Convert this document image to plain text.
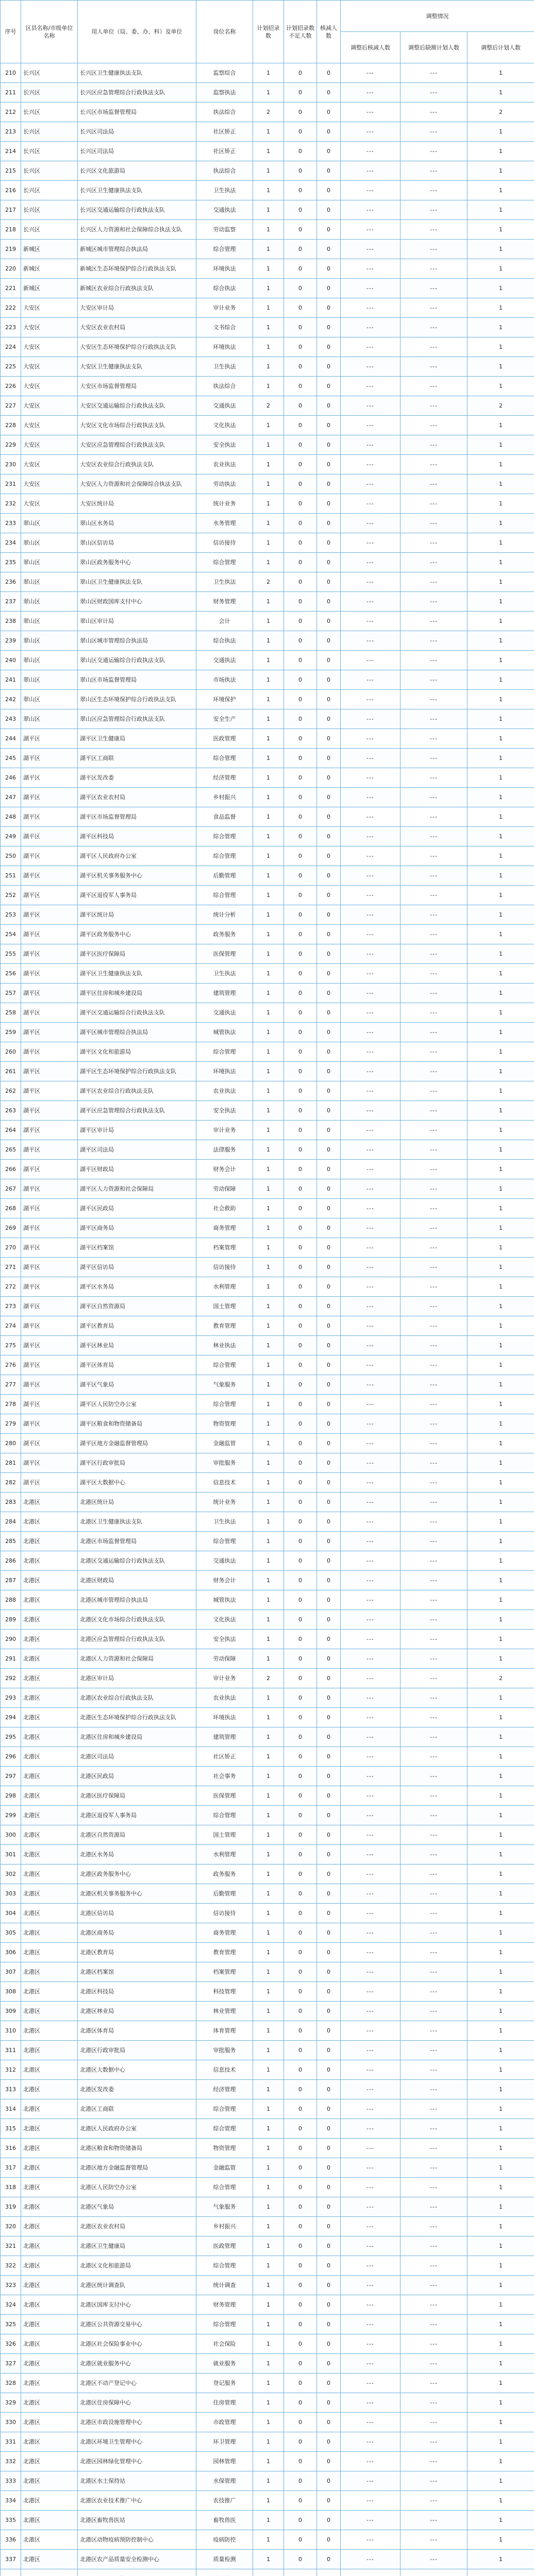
序号	区县名称/市级单位名称	用人单位（局、委、办、科）及单位	岗位名称	计划招录数	计划招录数不足人数	核减人数	调整情况		
							调整后核减人数	调整后缺额计划人数	调整后计划人数
210	长兴区	长兴区卫生健康执法支队	监察综合	1	0	0	---	---	1
211	长兴区	长兴区应急管理综合行政执法支队	监察执法	1	0	0	---	---	1
212	长兴区	长兴区市场监督管理局	执法综合	2	0	0	---	---	2
213	长兴区	长兴区司法局	社区矫正	1	0	0	---	---	1
214	长兴区	长兴区司法局	社区矫正	1	0	0	---	---	1
215	长兴区	长兴区文化旅游局	执法综合	1	0	0	---	---	1
216	长兴区	长兴区卫生健康执法支队	卫生执法	1	0	0	---	---	1
217	长兴区	长兴区交通运输综合行政执法支队	交通执法	1	0	0	---	---	1
218	长兴区	长兴区人力资源和社会保障综合执法支队	劳动监察	1	0	0	---	---	1
219	新城区	新城区城市管理综合执法局	综合管理	1	0	0	---	---	1
220	新城区	新城区生态环境保护综合行政执法支队	环境执法	1	0	0	---	---	1
221	新城区	新城区农业综合行政执法支队	综合执法	1	0	0	---	---	1
222	大安区	大安区审计局	审计业务	1	0	0	---	---	1
223	大安区	大安区农业农村局	文书综合	1	0	0	---	---	1
224	大安区	大安区生态环境保护综合行政执法支队	环境执法	1	0	0	---	---	1
225	大安区	大安区卫生健康执法支队	卫生执法	1	0	0	---	---	1
226	大安区	大安区市场监督管理局	执法综合	1	0	0	---	---	1
227	大安区	大安区交通运输综合行政执法支队	交通执法	2	0	0	---	---	2
228	大安区	大安区文化市场综合行政执法支队	文化执法	1	0	0	---	---	1
229	大安区	大安区应急管理综合行政执法支队	安全执法	1	0	0	---	---	1
230	大安区	大安区农业综合行政执法支队	农业执法	1	0	0	---	---	1
231	大安区	大安区人力资源和社会保障综合执法支队	劳动执法	1	0	0	---	---	1
232	大安区	大安区统计局	统计业务	1	0	0	---	---	1
233	翠山区	翠山区水务局	水务管理	1	0	0	---	---	1
234	翠山区	翠山区信访局	信访接待	1	0	0	---	---	1
235	翠山区	翠山区政务服务中心	综合管理	1	0	0	---	---	1
236	翠山区	翠山区卫生健康执法支队	卫生执法	2	0	0	---	---	1
237	翠山区	翠山区财政国库支付中心	财务管理	1	0	0	---	---	1
238	翠山区	翠山区审计局	会计	1	0	0	---	---	1
239	翠山区	翠山区城市管理综合执法局	综合执法	1	0	0	---	---	1
240	翠山区	翠山区交通运输综合行政执法支队	交通执法	1	0	0	---	---	1
241	翠山区	翠山区市场监督管理局	市场执法	1	0	0	---	---	1
242	翠山区	翠山区生态环境保护综合行政执法支队	环境保护	1	0	0	---	---	1
243	翠山区	翠山区应急管理综合行政执法支队	安全生产	1	0	0	---	---	1
244	湖平区	湖平区卫生健康局	医政管理	1	0	0	---	---	1
245	湖平区	湖平区工商联	综合管理	1	0	0	---	---	1
246	湖平区	湖平区发改委	经济管理	1	0	0	---	---	1
247	湖平区	湖平区农业农村局	乡村振兴	1	0	0	---	---	1
248	湖平区	湖平区市场监督管理局	食品监督	1	0	0	---	---	1
249	湖平区	湖平区科技局	综合管理	1	0	0	---	---	1
250	湖平区	湖平区人民政府办公室	综合管理	1	0	0	---	---	1
251	湖平区	湖平区机关事务服务中心	后勤管理	1	0	0	---	---	1
252	湖平区	湖平区退役军人事务局	综合管理	1	0	0	---	---	1
253	湖平区	湖平区统计局	统计分析	1	0	0	---	---	1
254	湖平区	湖平区政务服务中心	政务服务	1	0	0	---	---	1
255	湖平区	湖平区医疗保障局	医保管理	1	0	0	---	---	1
256	湖平区	湖平区卫生健康执法支队	卫生执法	1	0	0	---	---	1
257	湖平区	湖平区住房和城乡建设局	建筑管理	1	0	0	---	---	1
258	湖平区	湖平区交通运输综合行政执法支队	交通执法	1	0	0	---	---	1
259	湖平区	湖平区城市管理综合执法局	城管执法	1	0	0	---	---	1
260	湖平区	湖平区文化和旅游局	综合管理	1	0	0	---	---	1
261	湖平区	湖平区生态环境保护综合行政执法支队	环境执法	1	0	0	---	---	1
262	湖平区	湖平区农业综合行政执法支队	农业执法	1	0	0	---	---	1
263	湖平区	湖平区应急管理综合行政执法支队	安全执法	1	0	0	---	---	1
264	湖平区	湖平区审计局	审计业务	1	0	0	---	---	1
265	湖平区	湖平区司法局	法律服务	1	0	0	---	---	1
266	湖平区	湖平区财政局	财务会计	1	0	0	---	---	1
267	湖平区	湖平区人力资源和社会保障局	劳动保障	1	0	0	---	---	1
268	湖平区	湖平区民政局	社会救助	1	0	0	---	---	1
269	湖平区	湖平区商务局	商务管理	1	0	0	---	---	1
270	湖平区	湖平区档案馆	档案管理	1	0	0	---	---	1
271	湖平区	湖平区信访局	信访接待	1	0	0	---	---	1
272	湖平区	湖平区水务局	水利管理	1	0	0	---	---	1
273	湖平区	湖平区自然资源局	国土管理	1	0	0	---	---	1
274	湖平区	湖平区教育局	教育管理	1	0	0	---	---	1
275	湖平区	湖平区林业局	林业执法	1	0	0	---	---	1
276	湖平区	湖平区体育局	综合管理	1	0	0	---	---	1
277	湖平区	湖平区气象局	气象服务	1	0	0	---	---	1
278	湖平区	湖平区人民防空办公室	综合管理	1	0	0	---	---	1
279	湖平区	湖平区粮食和物资储备局	物资管理	1	0	0	---	---	1
280	湖平区	湖平区地方金融监督管理局	金融监管	1	0	0	---	---	1
281	湖平区	湖平区行政审批局	审批服务	1	0	0	---	---	1
282	湖平区	湖平区大数据中心	信息技术	1	0	0	---	---	1
283	北港区	北港区统计局	统计业务	1	0	0	---	---	1
284	北港区	北港区卫生健康执法支队	卫生执法	1	0	0	---	---	1
285	北港区	北港区市场监督管理局	综合管理	1	0	0	---	---	1
286	北港区	北港区交通运输综合行政执法支队	交通执法	1	0	0	---	---	1
287	北港区	北港区财政局	财务会计	1	0	0	---	---	1
288	北港区	北港区城市管理综合执法局	城管执法	1	0	0	---	---	1
289	北港区	北港区文化市场综合行政执法支队	文化执法	1	0	0	---	---	1
290	北港区	北港区应急管理综合行政执法支队	安全执法	1	0	0	---	---	1
291	北港区	北港区人力资源和社会保障局	劳动保障	1	0	0	---	---	1
292	北港区	北港区审计局	审计业务	2	0	0	---	---	2
293	北港区	北港区农业综合行政执法支队	农业执法	1	0	0	---	---	1
294	北港区	北港区生态环境保护综合行政执法支队	环境执法	1	0	0	---	---	1
295	北港区	北港区住房和城乡建设局	建筑管理	1	0	0	---	---	1
296	北港区	北港区司法局	社区矫正	1	0	0	---	---	1
297	北港区	北港区民政局	社会事务	1	0	0	---	---	1
298	北港区	北港区医疗保障局	医保管理	1	0	0	---	---	1
299	北港区	北港区退役军人事务局	综合管理	1	0	0	---	---	1
300	北港区	北港区自然资源局	国土管理	1	0	0	---	---	1
301	北港区	北港区水务局	水利管理	1	0	0	---	---	1
302	北港区	北港区政务服务中心	政务服务	1	0	0	---	---	1
303	北港区	北港区机关事务服务中心	后勤管理	1	0	0	---	---	1
304	北港区	北港区信访局	信访接待	1	0	0	---	---	1
305	北港区	北港区商务局	商务管理	1	0	0	---	---	1
306	北港区	北港区教育局	教育管理	1	0	0	---	---	1
307	北港区	北港区档案馆	档案管理	1	0	0	---	---	1
308	北港区	北港区科技局	科技管理	1	0	0	---	---	1
309	北港区	北港区林业局	林业管理	1	0	0	---	---	1
310	北港区	北港区体育局	体育管理	1	0	0	---	---	1
311	北港区	北港区行政审批局	审批服务	1	0	0	---	---	1
312	北港区	北港区大数据中心	信息技术	1	0	0	---	---	1
313	北港区	北港区发改委	经济管理	1	0	0	---	---	1
314	北港区	北港区工商联	综合管理	1	0	0	---	---	1
315	北港区	北港区人民政府办公室	综合管理	1	0	0	---	---	1
316	北港区	北港区粮食和物资储备局	物资管理	1	0	0	---	---	1
317	北港区	北港区地方金融监督管理局	金融监管	1	0	0	---	---	1
318	北港区	北港区人民防空办公室	综合管理	1	0	0	---	---	1
319	北港区	北港区气象局	气象服务	1	0	0	---	---	1
320	北港区	北港区农业农村局	乡村振兴	1	0	0	---	---	1
321	北港区	北港区卫生健康局	医政管理	1	0	0	---	---	1
322	北港区	北港区文化和旅游局	综合管理	1	0	0	---	---	1
323	北港区	北港区统计调查队	统计调查	1	0	0	---	---	1
324	北港区	北港区国库支付中心	财务管理	1	0	0	---	---	1
325	北港区	北港区公共资源交易中心	综合管理	1	0	0	---	---	1
326	北港区	北港区社会保险事业中心	社会保险	1	0	0	---	---	1
327	北港区	北港区就业服务中心	就业服务	1	0	0	---	---	1
328	北港区	北港区不动产登记中心	登记服务	1	0	0	---	---	1
329	北港区	北港区住房保障中心	住房管理	1	0	0	---	---	1
330	北港区	北港区市政设施管理中心	市政管理	1	0	0	---	---	1
331	北港区	北港区环境卫生管理中心	环卫管理	1	0	0	---	---	1
332	北港区	北港区园林绿化管理中心	园林管理	1	0	0	---	---	1
333	北港区	北港区水土保持站	水保管理	1	0	0	---	---	1
334	北港区	北港区农业技术推广中心	农技推广	1	0	0	---	---	1
335	北港区	北港区畜牧兽医站	畜牧兽医	1	0	0	---	---	1
336	北港区	北港区动物疫病预防控制中心	疫病防控	1	0	0	---	---	1
337	北港区	北港区农产品质量安全检测中心	质量检测	1	0	0	---	---	1
